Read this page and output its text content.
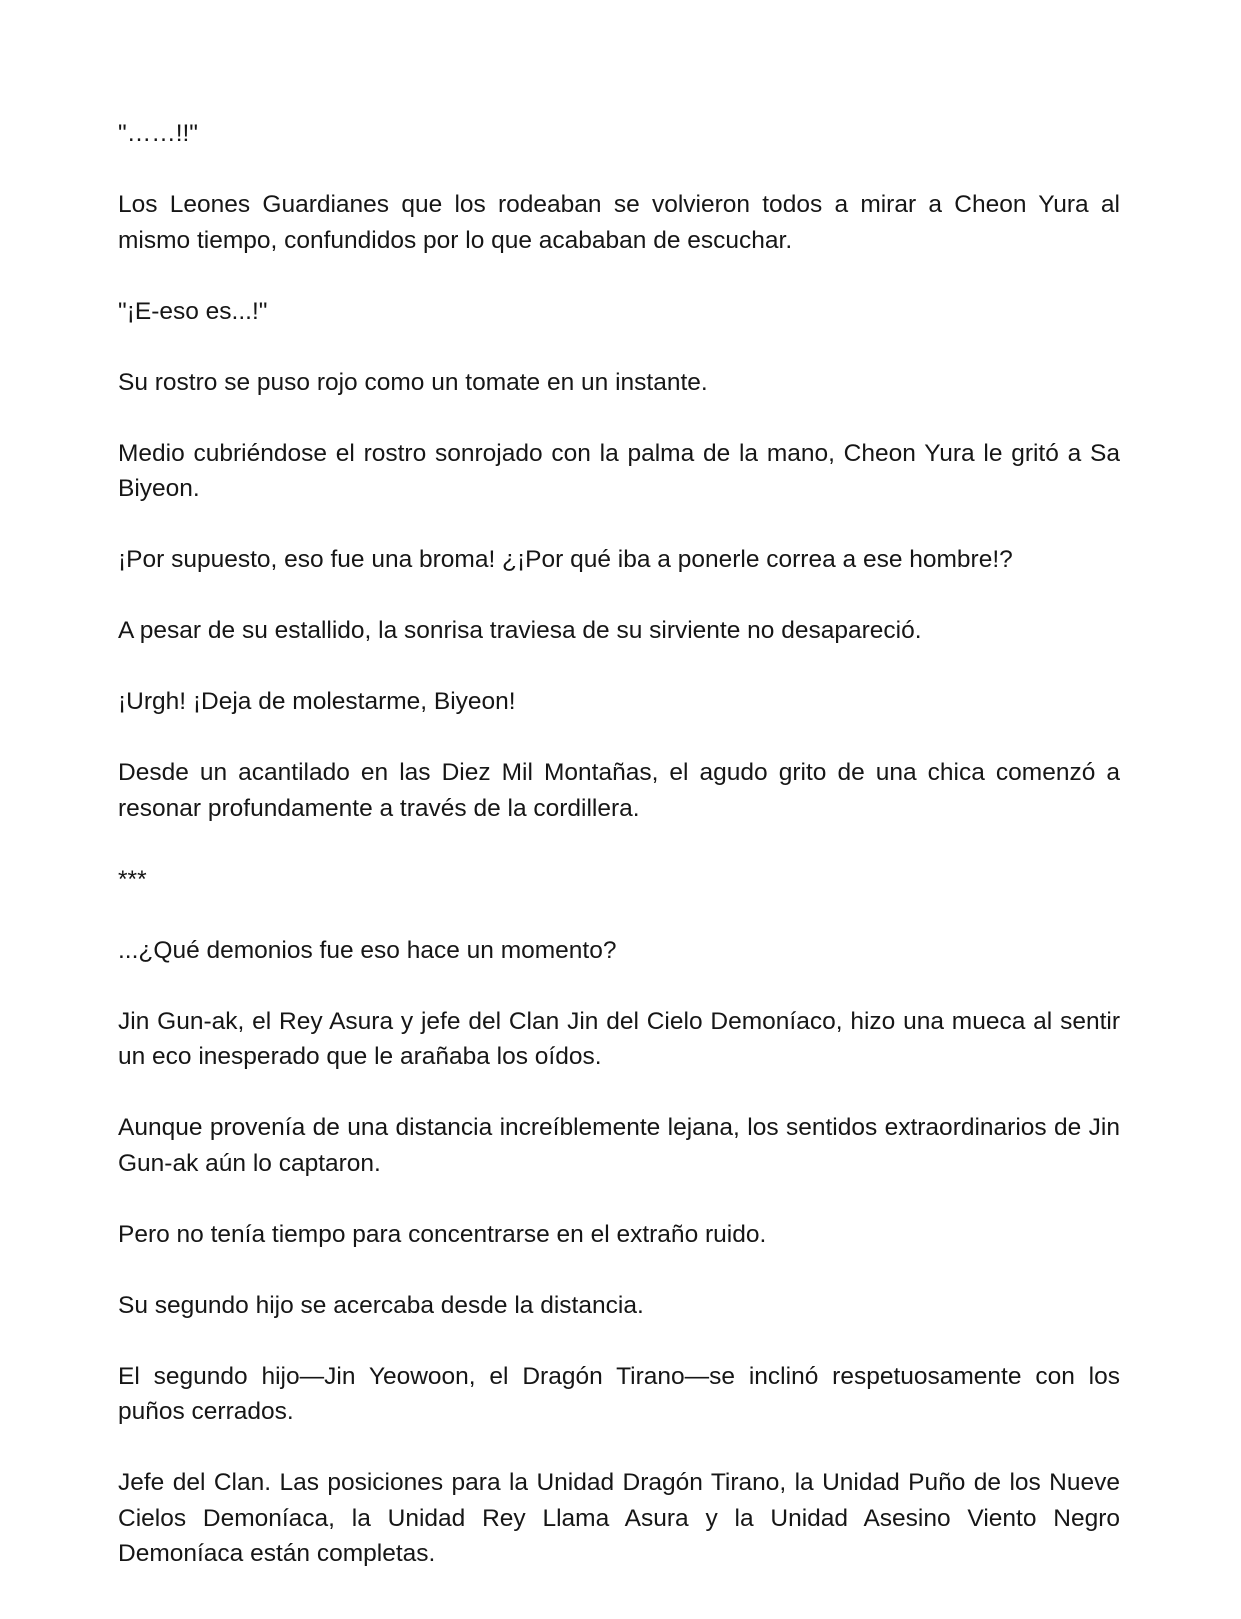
"……!!"

Los Leones Guardianes que los rodeaban se volvieron todos a mirar a Cheon Yura al mismo tiempo, confundidos por lo que acababan de escuchar.

"¡E-eso es...!"

Su rostro se puso rojo como un tomate en un instante.

Medio cubriéndose el rostro sonrojado con la palma de la mano, Cheon Yura le gritó a Sa Biyeon.

¡Por supuesto, eso fue una broma! ¿¡Por qué iba a ponerle correa a ese hombre!?

A pesar de su estallido, la sonrisa traviesa de su sirviente no desapareció.

¡Urgh! ¡Deja de molestarme, Biyeon!

Desde un acantilado en las Diez Mil Montañas, el agudo grito de una chica comenzó a resonar profundamente a través de la cordillera.

***

...¿Qué demonios fue eso hace un momento?

Jin Gun-ak, el Rey Asura y jefe del Clan Jin del Cielo Demoníaco, hizo una mueca al sentir un eco inesperado que le arañaba los oídos.

Aunque provenía de una distancia increíblemente lejana, los sentidos extraordinarios de Jin Gun-ak aún lo captaron.

Pero no tenía tiempo para concentrarse en el extraño ruido.

Su segundo hijo se acercaba desde la distancia.

El segundo hijo—Jin Yeowoon, el Dragón Tirano—se inclinó respetuosamente con los puños cerrados.

Jefe del Clan. Las posiciones para la Unidad Dragón Tirano, la Unidad Puño de los Nueve Cielos Demoníaca, la Unidad Rey Llama Asura y la Unidad Asesino Viento Negro Demoníaca están completas.
